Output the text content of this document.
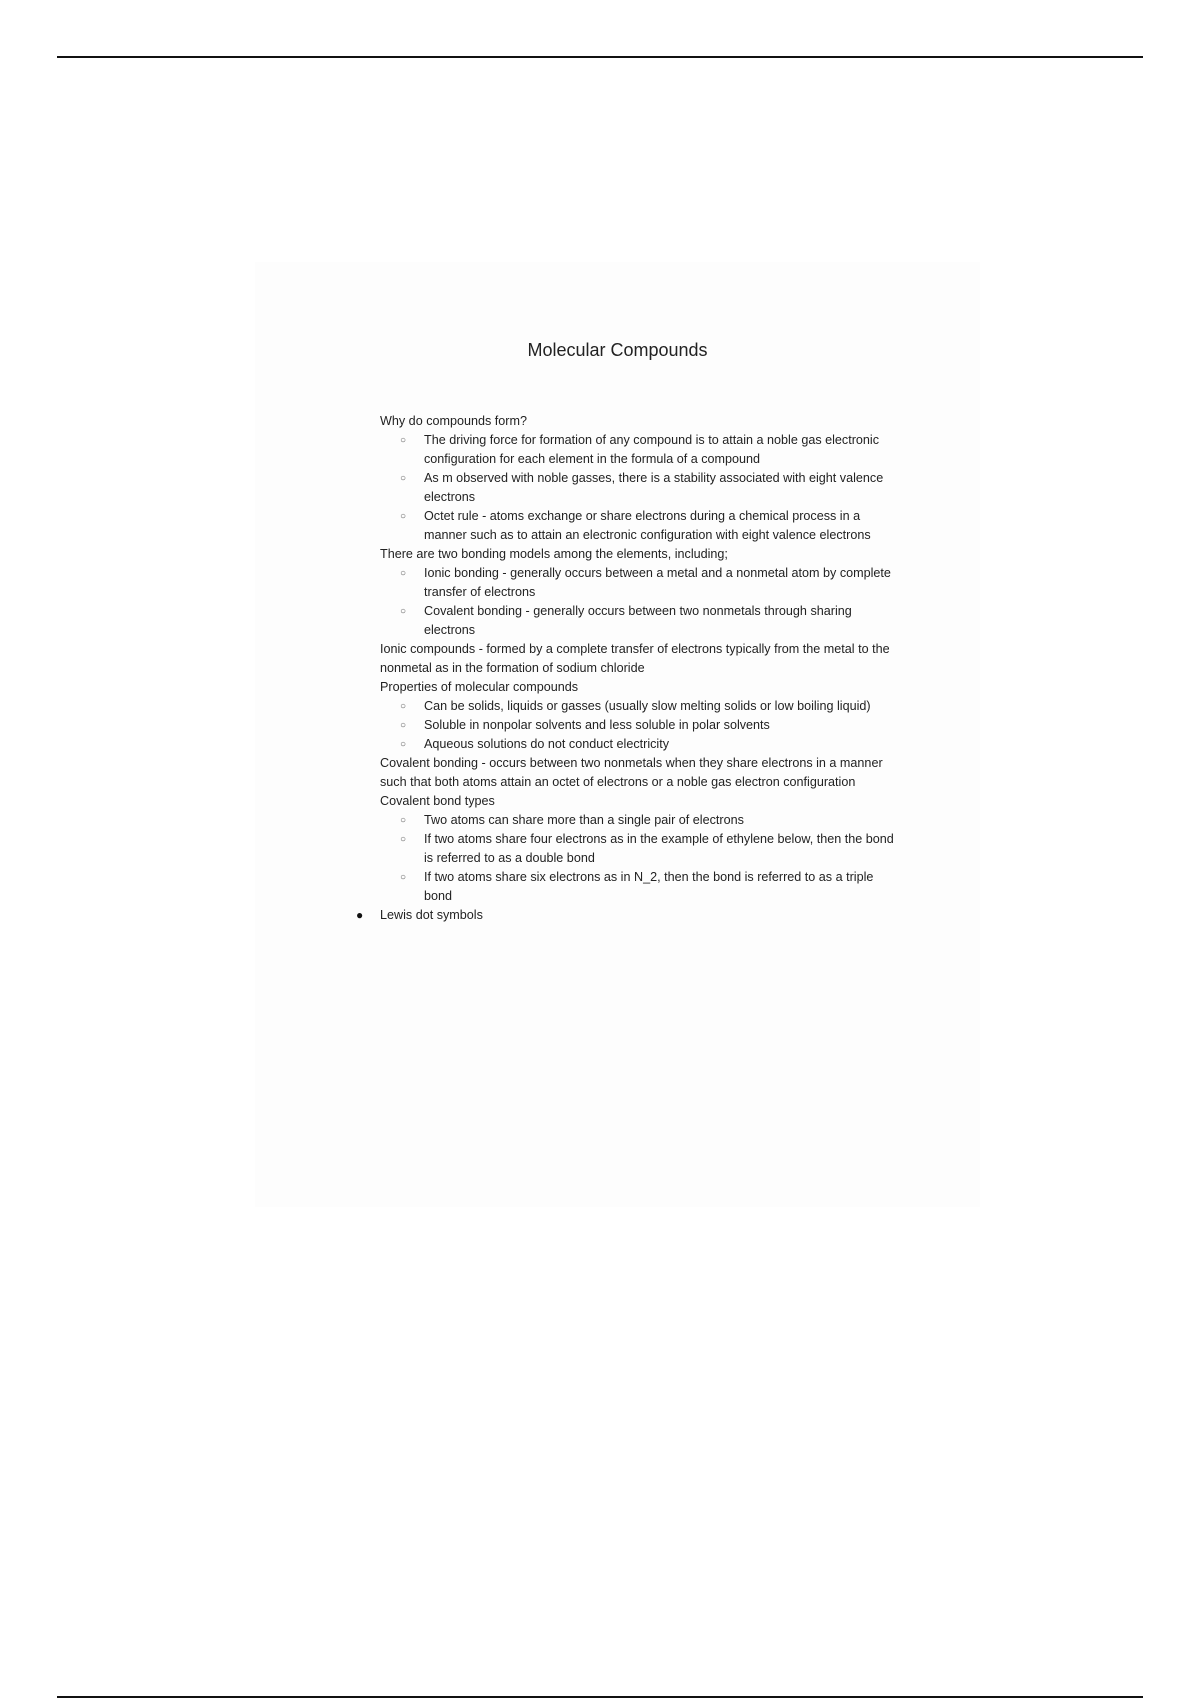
Molecular Compounds
Why do compounds form?
○ The driving force for formation of any compound is to attain a noble gas electronic configuration for each element in the formula of a compound
○ As m observed with noble gasses, there is a stability associated with eight valence electrons
○ Octet rule - atoms exchange or share electrons during a chemical process in a manner such as to attain an electronic configuration with eight valence electrons
There are two bonding models among the elements, including;
○ Ionic bonding - generally occurs between a metal and a nonmetal atom by complete transfer of electrons
○ Covalent bonding - generally occurs between two nonmetals through sharing electrons
Ionic compounds - formed by a complete transfer of electrons typically from the metal to the nonmetal as in the formation of sodium chloride
Properties of molecular compounds
○ Can be solids, liquids or gasses (usually slow melting solids or low boiling liquid)
○ Soluble in nonpolar solvents and less soluble in polar solvents
○ Aqueous solutions do not conduct electricity
Covalent bonding - occurs between two nonmetals when they share electrons in a manner such that both atoms attain an octet of electrons or a noble gas electron configuration
Covalent bond types
○ Two atoms can share more than a single pair of electrons
○ If two atoms share four electrons as in the example of ethylene below, then the bond is referred to as a double bond
○ If two atoms share six electrons as in N_2, then the bond is referred to as a triple bond
● Lewis dot symbols
